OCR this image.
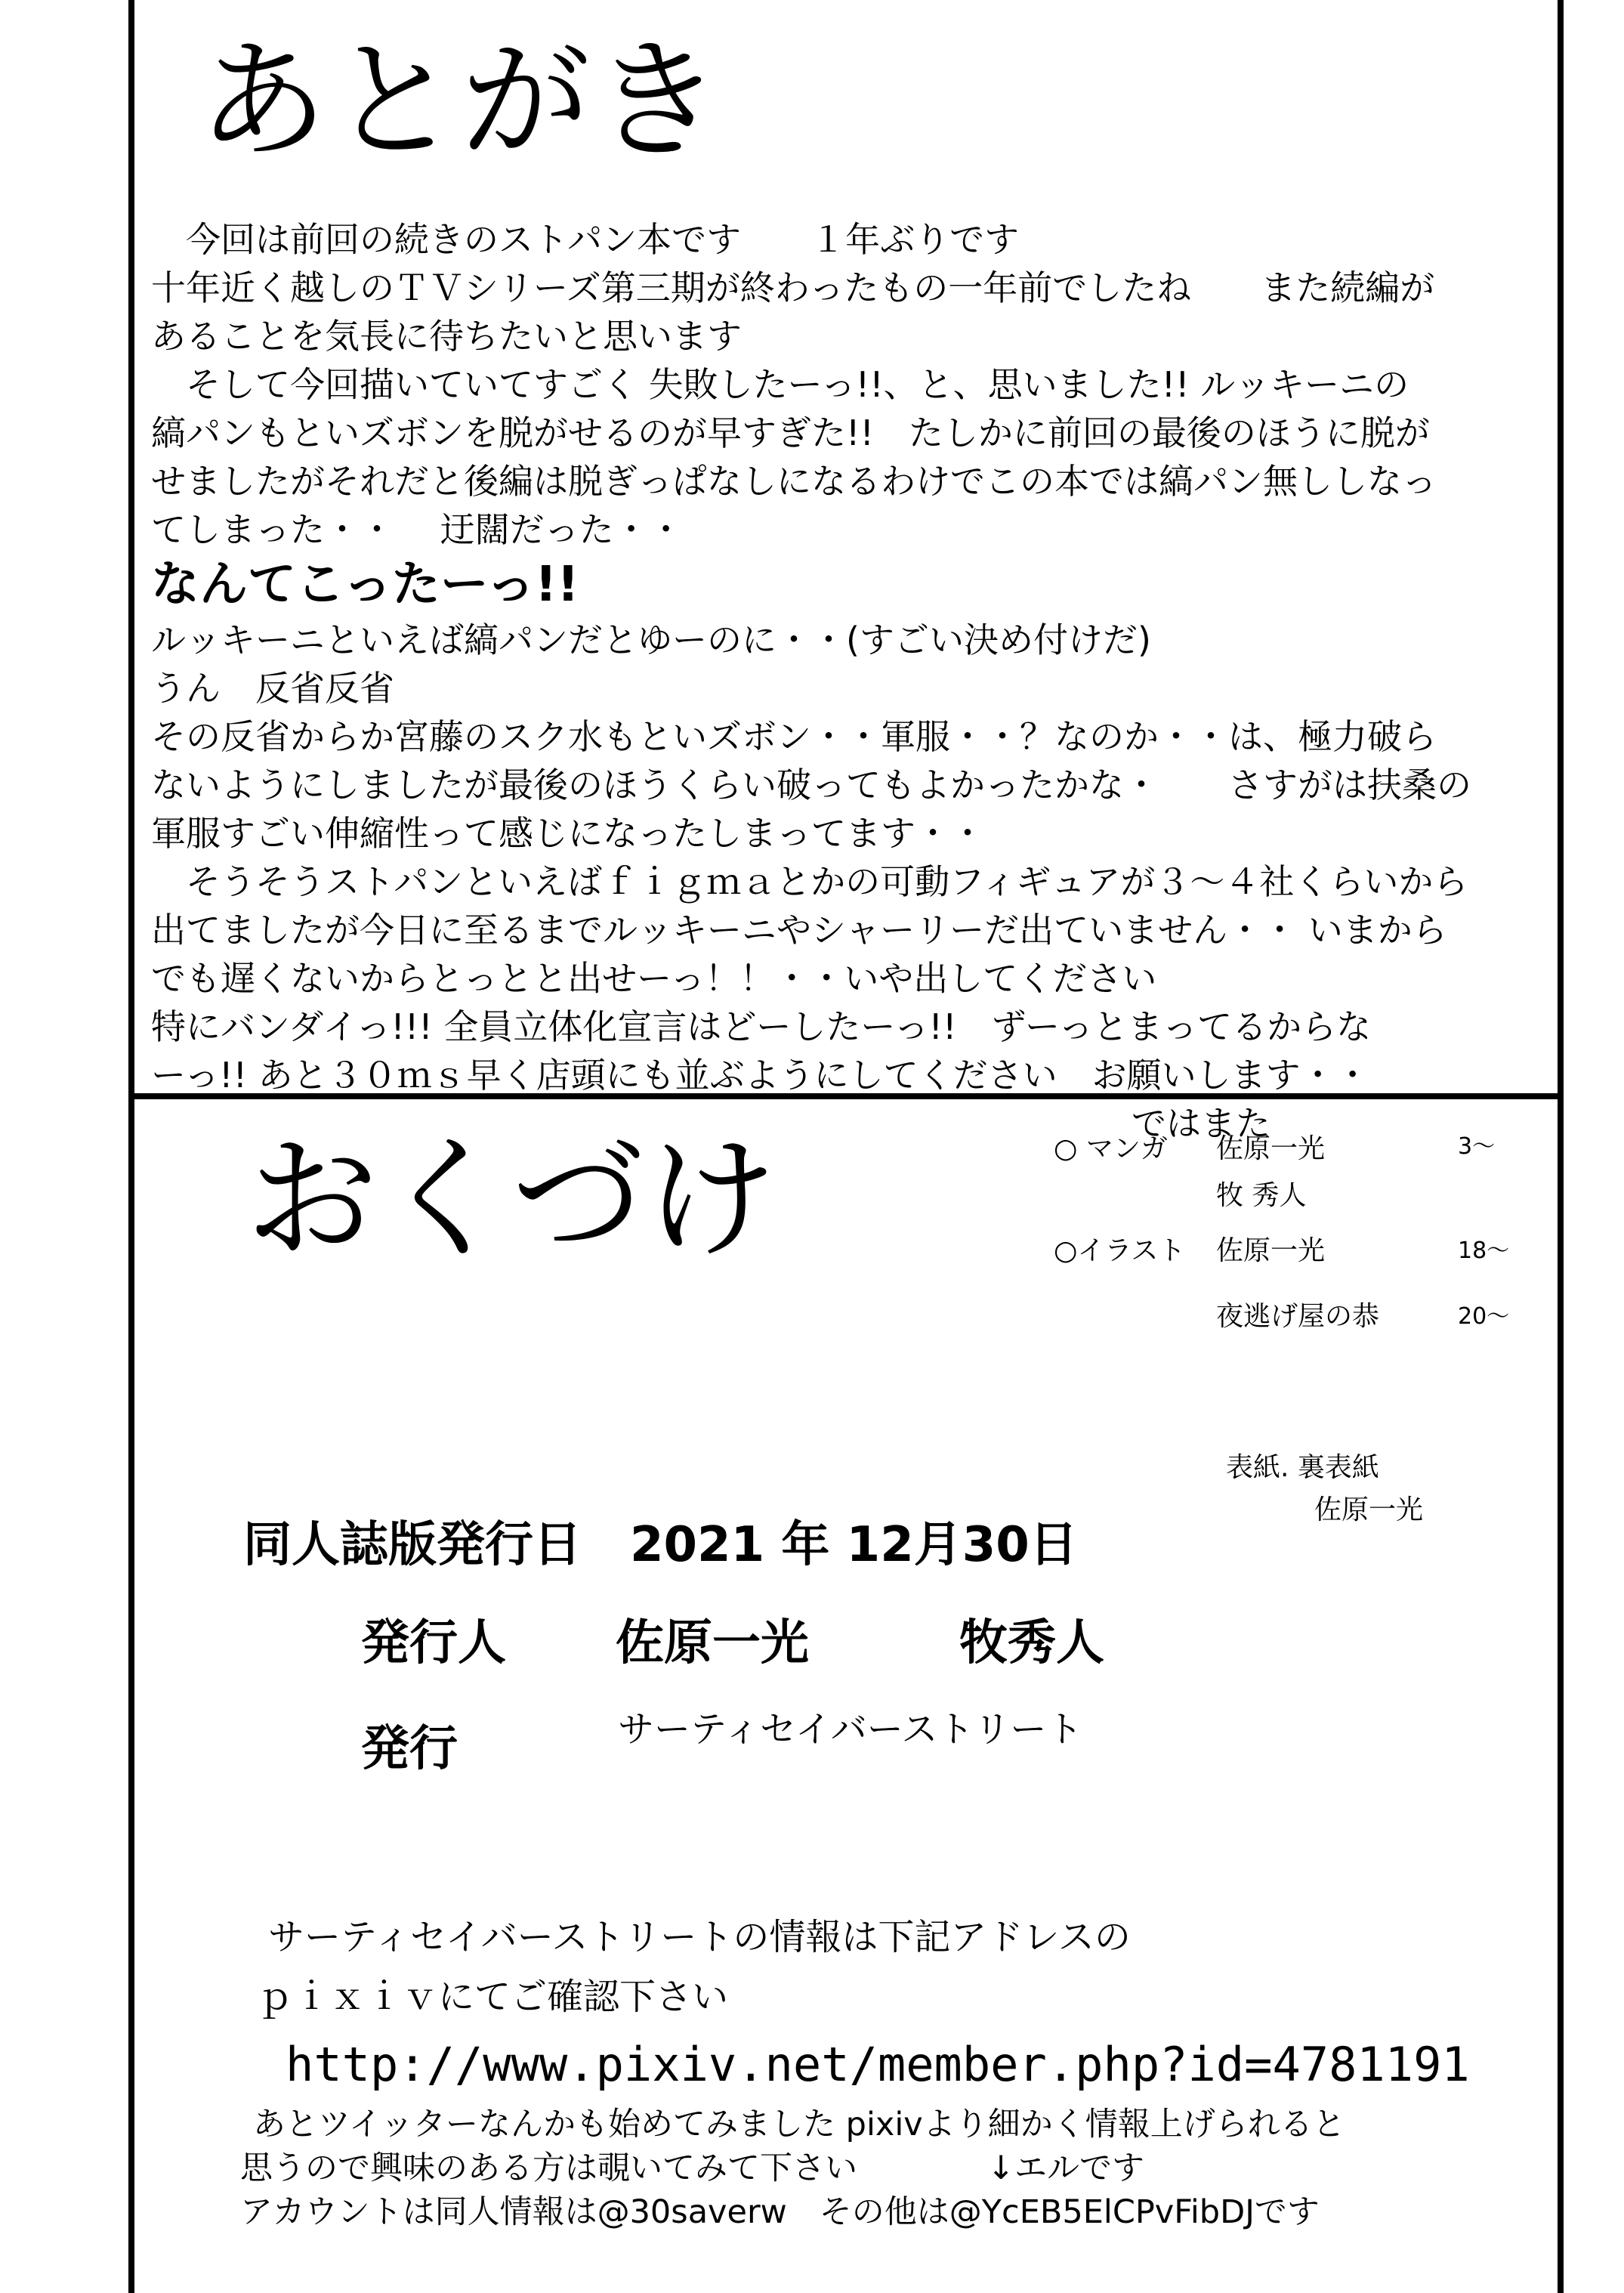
あとがき
　今回は前回の続きのストパン本です　　１年ぶりです
十年近く越しのＴＶシリーズ第三期が終わったもの一年前でしたね　　また続編が
あることを気長に待ちたいと思います
　そして今回描いていてすごく 失敗したーっ!!、と、思いました!! ルッキーニの
縞パンもといズボンを脱がせるのが早すぎた!!　たしかに前回の最後のほうに脱が
せましたがそれだと後編は脱ぎっぱなしになるわけでこの本では縞パン無ししなっ
てしまった・・　 迂闊だった・・
なんてこったーっ!!
ルッキーニといえば縞パンだとゆーのに・・(すごい決め付けだ)
うん　反省反省
その反省からか宮藤のスク水もといズボン・・軍服・・？なのか・・は、極力破ら
ないようにしましたが最後のほうくらい破ってもよかったかな・　　さすがは扶桑の
軍服すごい伸縮性って感じになったしまってます・・
　そうそうストパンといえばｆｉｇｍａとかの可動フィギュアが３～４社くらいから
出てましたが今日に至るまでルッキーニやシャーリーだ出ていません・・ いまから
でも遅くないからとっとと出せーっ！！・・いや出してください
特にバンダイっ!!! 全員立体化宣言はどーしたーっ!!　ずーっとまってるからな
ーっ!! あと３０ｍｓ早く店頭にも並ぶようにしてください　お願いします・・
ではまた
おくづけ	○ マンガ 佐原一光	3～
牧 秀人
○イラスト 佐原一光	18～
夜逃げ屋の恭	20～
表紙. 裏表紙
佐原一光
同人誌版発行日　2021 年 12月30日
発行人 佐原一光	牧秀人
発行	サーティセイバーストリート
サーティセイバーストリートの情報は下記アドレスの
ｐｉｘｉｖにてご確認下さい
http://www.pixiv.net/member.php?id=4781191
あとツイッターなんかも始めてみました pixivより細かく情報上げられると
思うので興味のある方は覗いてみて下さい　　　　↓エルです
アカウントは同人情報は@30saverw　その他は@YcEB5ElCPvFibDJです
